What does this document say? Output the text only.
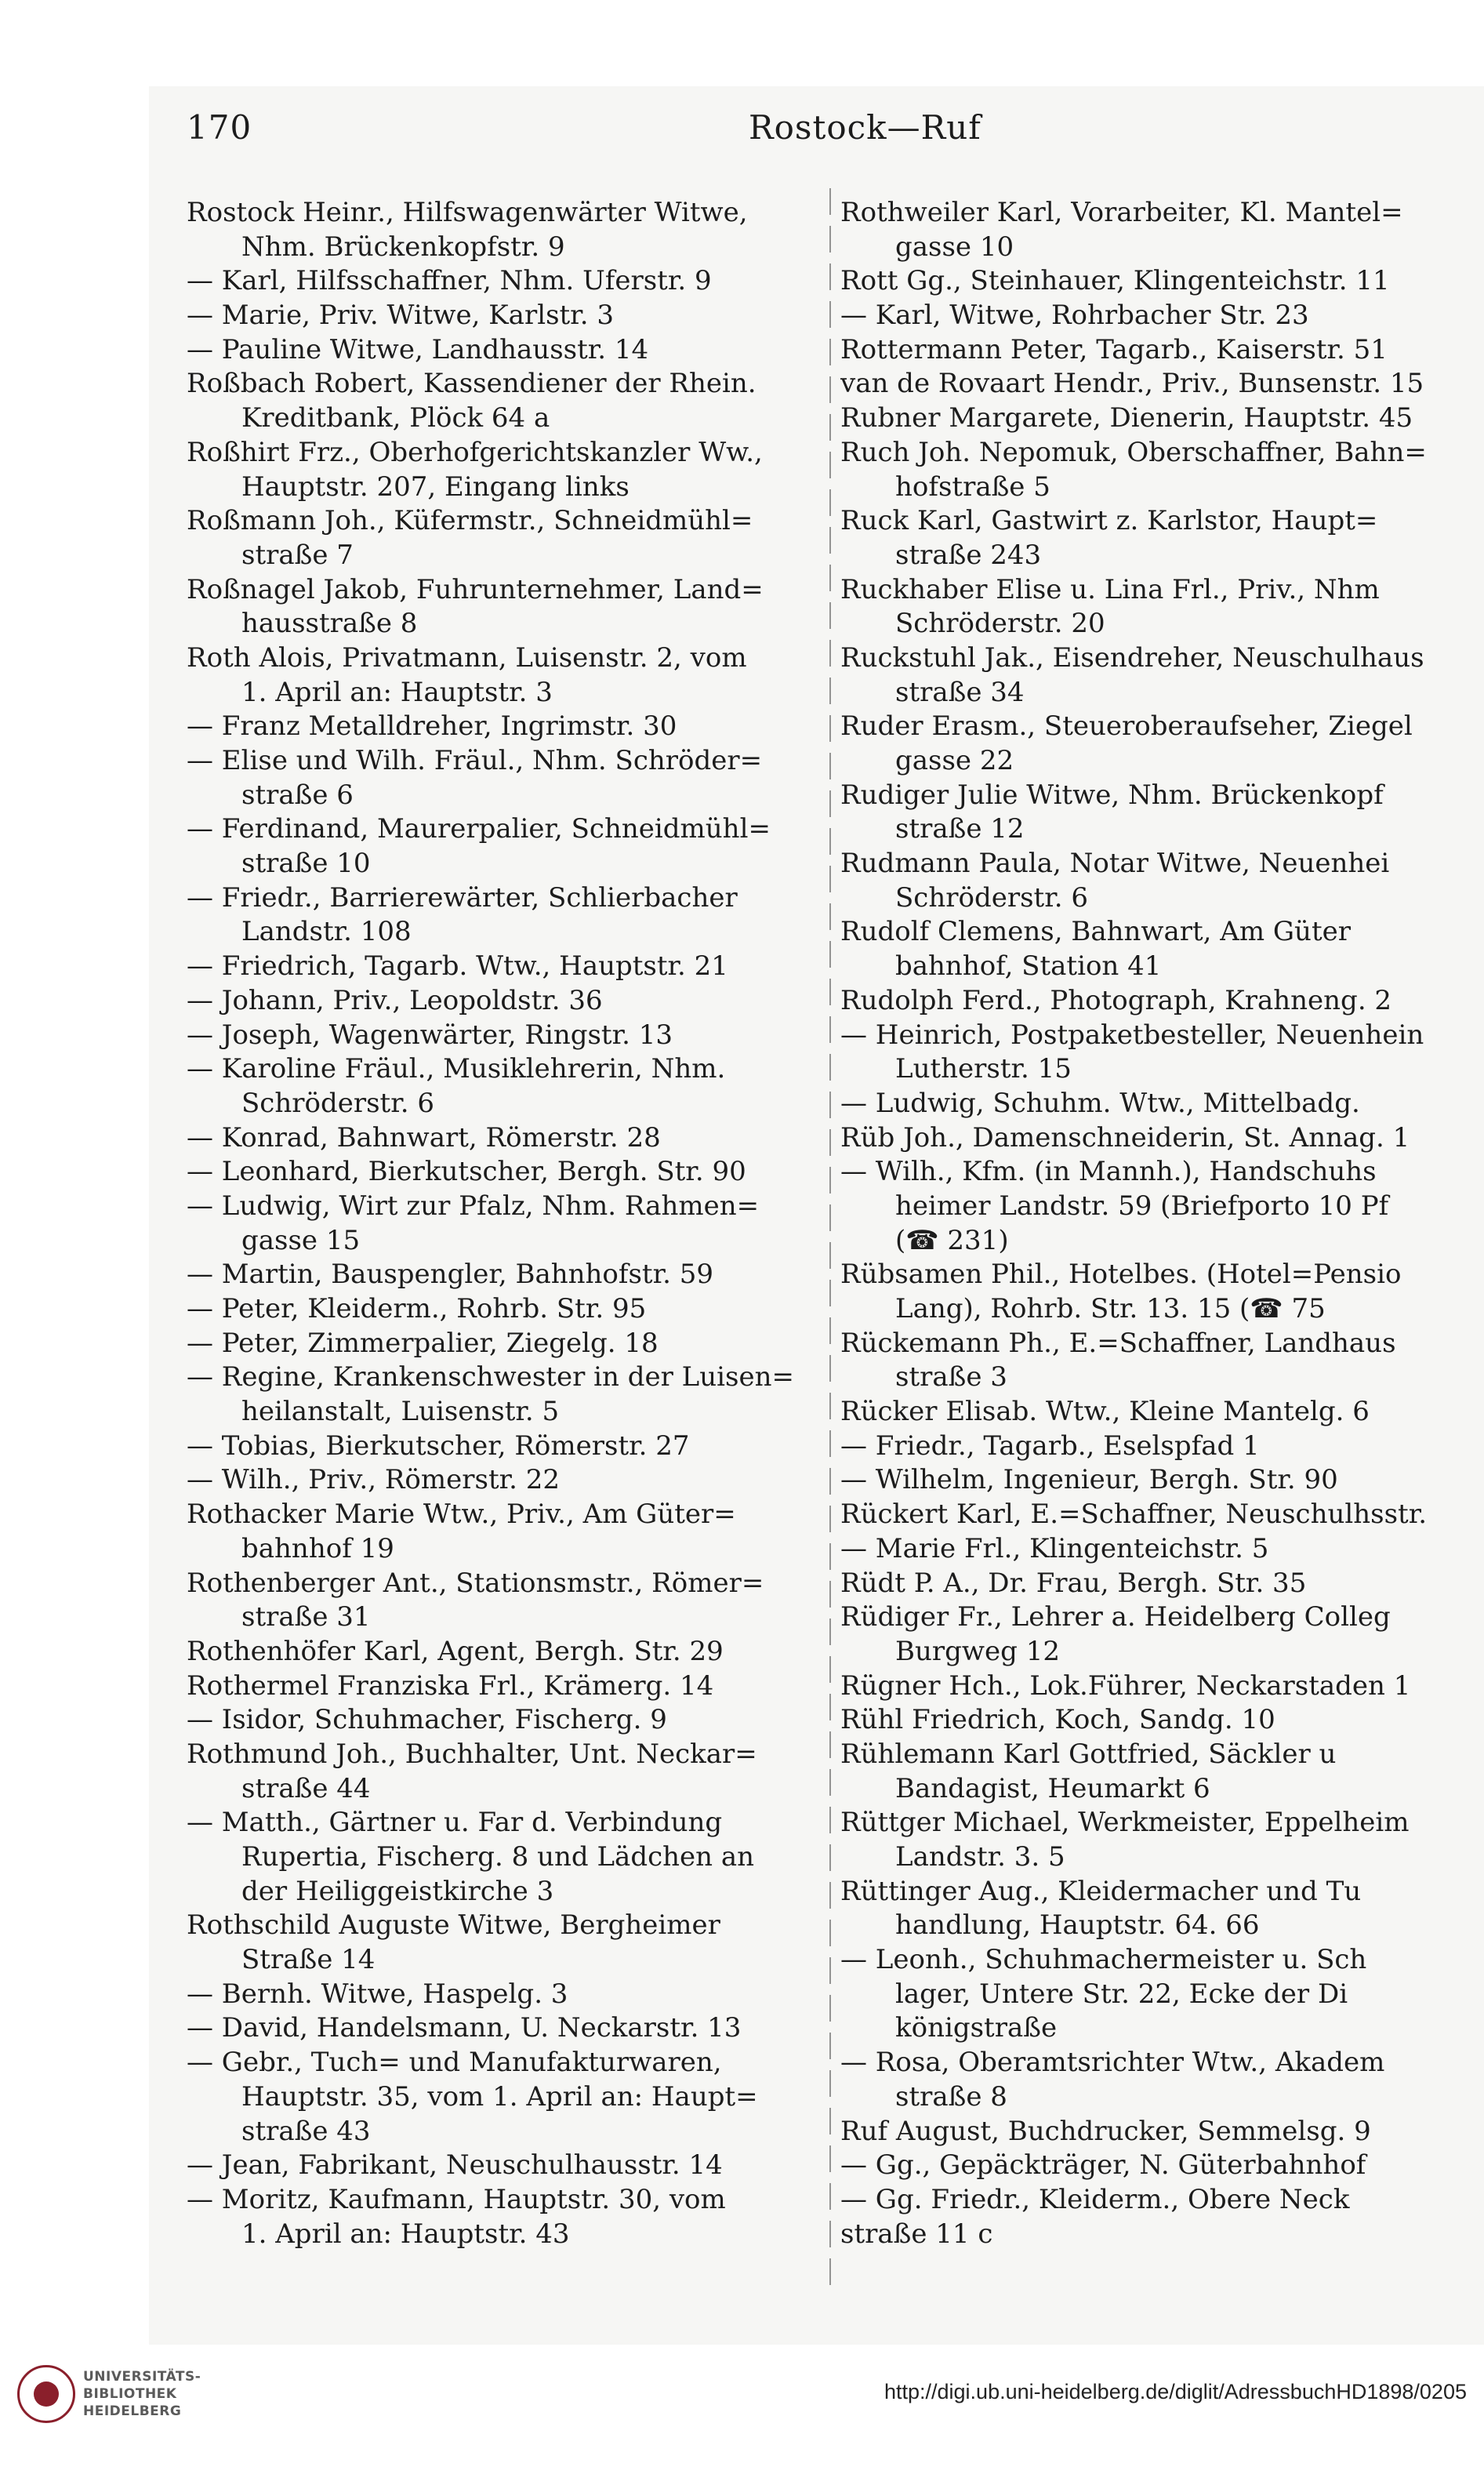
170	Rostock—Ruf
Rostock Heinr., Hilfswagenwärter Witwe,
Nhm. Brückenkopfstr. 9
— Karl, Hilfsschaffner, Nhm. Uferstr. 9
— Marie, Priv. Witwe, Karlstr. 3
— Pauline Witwe, Landhausstr. 14
Roßbach Robert, Kassendiener der Rhein.
Kreditbank, Plöck 64 a
Roßhirt Frz., Oberhofgerichtskanzler Ww.,
Hauptstr. 207, Eingang links
Roßmann Joh., Küfermstr., Schneidmühl=
straße 7
Roßnagel Jakob, Fuhrunternehmer, Land=
hausstraße 8
Roth Alois, Privatmann, Luisenstr. 2, vom
1. April an: Hauptstr. 3
— Franz Metalldreher, Ingrimstr. 30
— Elise und Wilh. Fräul., Nhm. Schröder=
straße 6
— Ferdinand, Maurerpalier, Schneidmühl=
straße 10
— Friedr., Barrierewärter, Schlierbacher
Landstr. 108
— Friedrich, Tagarb. Wtw., Hauptstr. 21
— Johann, Priv., Leopoldstr. 36
— Joseph, Wagenwärter, Ringstr. 13
— Karoline Fräul., Musiklehrerin, Nhm.
Schröderstr. 6
— Konrad, Bahnwart, Römerstr. 28
— Leonhard, Bierkutscher, Bergh. Str. 90
— Ludwig, Wirt zur Pfalz, Nhm. Rahmen=
gasse 15
— Martin, Bauspengler, Bahnhofstr. 59
— Peter, Kleiderm., Rohrb. Str. 95
— Peter, Zimmerpalier, Ziegelg. 18
— Regine, Krankenschwester in der Luisen=
heilanstalt, Luisenstr. 5
— Tobias, Bierkutscher, Römerstr. 27
— Wilh., Priv., Römerstr. 22
Rothacker Marie Wtw., Priv., Am Güter=
bahnhof 19
Rothenberger Ant., Stationsmstr., Römer=
straße 31
Rothenhöfer Karl, Agent, Bergh. Str. 29
Rothermel Franziska Frl., Krämerg. 14
— Isidor, Schuhmacher, Fischerg. 9
Rothmund Joh., Buchhalter, Unt. Neckar=
straße 44
— Matth., Gärtner u. Far d. Verbindung
Rupertia, Fischerg. 8 und Lädchen an
der Heiliggeistkirche 3
Rothschild Auguste Witwe, Bergheimer
Straße 14
— Bernh. Witwe, Haspelg. 3
— David, Handelsmann, U. Neckarstr. 13
— Gebr., Tuch= und Manufakturwaren,
Hauptstr. 35, vom 1. April an: Haupt=
straße 43
— Jean, Fabrikant, Neuschulhausstr. 14
— Moritz, Kaufmann, Hauptstr. 30, vom
1. April an: Hauptstr. 43
Rothweiler Karl, Vorarbeiter, Kl. Mantel=
gasse 10
Rott Gg., Steinhauer, Klingenteichstr. 11
— Karl, Witwe, Rohrbacher Str. 23
Rottermann Peter, Tagarb., Kaiserstr. 51
van de Rovaart Hendr., Priv., Bunsenstr. 15
Rubner Margarete, Dienerin, Hauptstr. 45
Ruch Joh. Nepomuk, Oberschaffner, Bahn=
hofstraße 5
Ruck Karl, Gastwirt z. Karlstor, Haupt=
straße 243
Ruckhaber Elise u. Lina Frl., Priv., Nhm
Schröderstr. 20
Ruckstuhl Jak., Eisendreher, Neuschulhaus
straße 34
Ruder Erasm., Steueroberaufseher, Ziegel
gasse 22
Rudiger Julie Witwe, Nhm. Brückenkopf
straße 12
Rudmann Paula, Notar Witwe, Neuenhei
Schröderstr. 6
Rudolf Clemens, Bahnwart, Am Güter
bahnhof, Station 41
Rudolph Ferd., Photograph, Krahneng. 2
— Heinrich, Postpaketbesteller, Neuenhein
Lutherstr. 15
— Ludwig, Schuhm. Wtw., Mittelbadg.
Rüb Joh., Damenschneiderin, St. Annag. 1
— Wilh., Kfm. (in Mannh.), Handschuhs
heimer Landstr. 59 (Briefporto 10 Pf
(☎ 231)
Rübsamen Phil., Hotelbes. (Hotel=Pensio
Lang), Rohrb. Str. 13. 15 (☎ 75
Rückemann Ph., E.=Schaffner, Landhaus
straße 3
Rücker Elisab. Wtw., Kleine Mantelg. 6
— Friedr., Tagarb., Eselspfad 1
— Wilhelm, Ingenieur, Bergh. Str. 90
Rückert Karl, E.=Schaffner, Neuschulhsstr.
— Marie Frl., Klingenteichstr. 5
Rüdt P. A., Dr. Frau, Bergh. Str. 35
Rüdiger Fr., Lehrer a. Heidelberg Colleg
Burgweg 12
Rügner Hch., Lok.Führer, Neckarstaden 1
Rühl Friedrich, Koch, Sandg. 10
Rühlemann Karl Gottfried, Säckler u
Bandagist, Heumarkt 6
Rüttger Michael, Werkmeister, Eppelheim
Landstr. 3. 5
Rüttinger Aug., Kleidermacher und Tu
handlung, Hauptstr. 64. 66
— Leonh., Schuhmachermeister u. Sch
lager, Untere Str. 22, Ecke der Di
königstraße
— Rosa, Oberamtsrichter Wtw., Akadem
straße 8
Ruf August, Buchdrucker, Semmelsg. 9
— Gg., Gepäckträger, N. Güterbahnhof
— Gg. Friedr., Kleiderm., Obere Neck
straße 11 c
UNIVERSITÄTS-
BIBLIOTHEK
HEIDELBERG
http://digi.ub.uni-heidelberg.de/diglit/AdressbuchHD1898/0205
